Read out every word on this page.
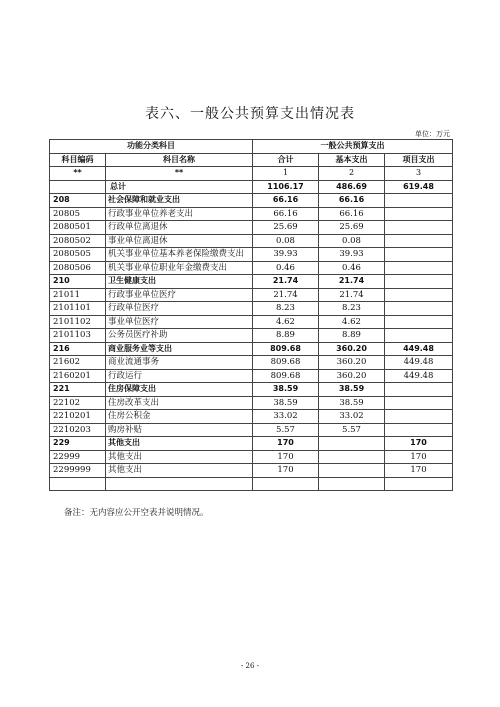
表六、一般公共预算支出情况表
单位：万元
功能分类科目		一般公共预算支出		
科目编码	科目名称	合计	基本支出	项目支出
**	**	1	2	3
	总计	1106.17	486.69	619.48
208	社会保障和就业支出	66.16	66.16	
20805	行政事业单位养老支出	66.16	66.16	
2080501	行政单位离退休	25.69	25.69	
2080502	事业单位离退休	0.08	0.08	
2080505	机关事业单位基本养老保险缴费支出	39.93	39.93	
2080506	机关事业单位职业年金缴费支出	0.46	0.46	
210	卫生健康支出	21.74	21.74	
21011	行政事业单位医疗	21.74	21.74	
2101101	行政单位医疗	8.23	8.23	
2101102	事业单位医疗	4.62	4.62	
2101103	公务员医疗补助	8.89	8.89	
216	商业服务业等支出	809.68	360.20	449.48
21602	商业流通事务	809.68	360.20	449.48
2160201	行政运行	809.68	360.20	449.48
221	住房保障支出	38.59	38.59	
22102	住房改革支出	38.59	38.59	
2210201	住房公积金	33.02	33.02	
2210203	购房补贴	5.57	5.57	
229	其他支出	170		170
22999	其他支出	170		170
2299999	其他支出	170		170

备注：无内容应公开空表并说明情况。
- 26 -
